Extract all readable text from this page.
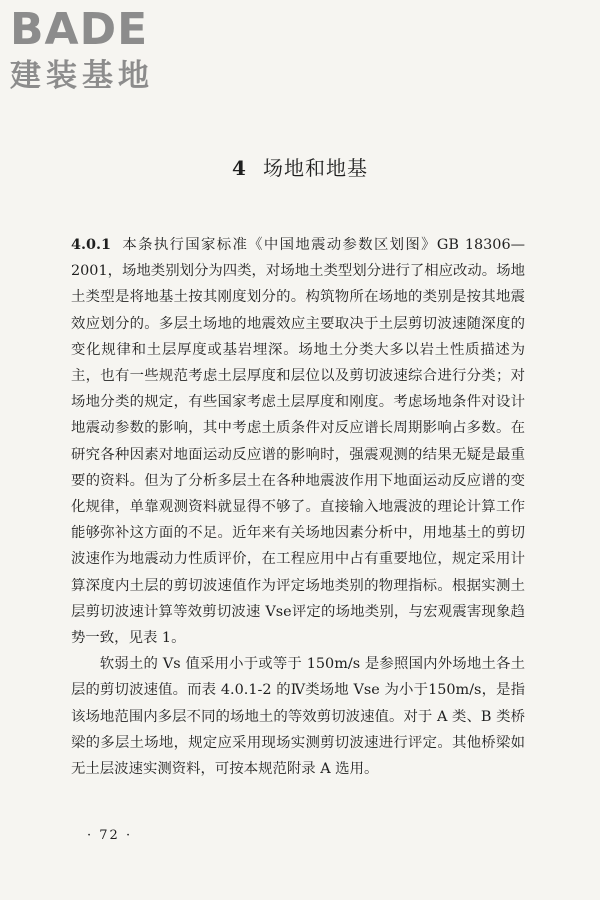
BADE
建装基地
4 场地和地基

4.0.1 本条执行国家标准《中国地震动参数区划图》GB 18306—2001，场地类别划分为四类，对场地土类型划分进行了相应改动。场地土类型是将地基土按其刚度划分的。构筑物所在场地的类别是按其地震效应划分的。多层土场地的地震效应主要取决于土层剪切波速随深度的变化规律和土层厚度或基岩埋深。场地土分类大多以岩土性质描述为主，也有一些规范考虑土层厚度和层位以及剪切波速综合进行分类；对场地分类的规定，有些国家考虑土层厚度和刚度。考虑场地条件对设计地震动参数的影响，其中考虑土质条件对反应谱长周期影响占多数。在研究各种因素对地面运动反应谱的影响时，强震观测的结果无疑是最重要的资料。但为了分析多层土在各种地震波作用下地面运动反应谱的变化规律，单靠观测资料就显得不够了。直接输入地震波的理论计算工作能够弥补这方面的不足。近年来有关场地因素分析中，用地基土的剪切波速作为地震动力性质评价，在工程应用中占有重要地位，规定采用计算深度内土层的剪切波速值作为评定场地类别的物理指标。根据实测土层剪切波速计算等效剪切波速 Vse评定的场地类别，与宏观震害现象趋势一致，见表 1。

软弱土的 Vs 值采用小于或等于 150m/s 是参照国内外场地土各土层的剪切波速值。而表 4.0.1-2 的Ⅳ类场地 Vse 为小于150m/s，是指该场地范围内多层不同的场地土的等效剪切波速值。对于 A 类、B 类桥梁的多层土场地，规定应采用现场实测剪切波速进行评定。其他桥梁如无土层波速实测资料，可按本规范附录 A 选用。

· 72 ·
